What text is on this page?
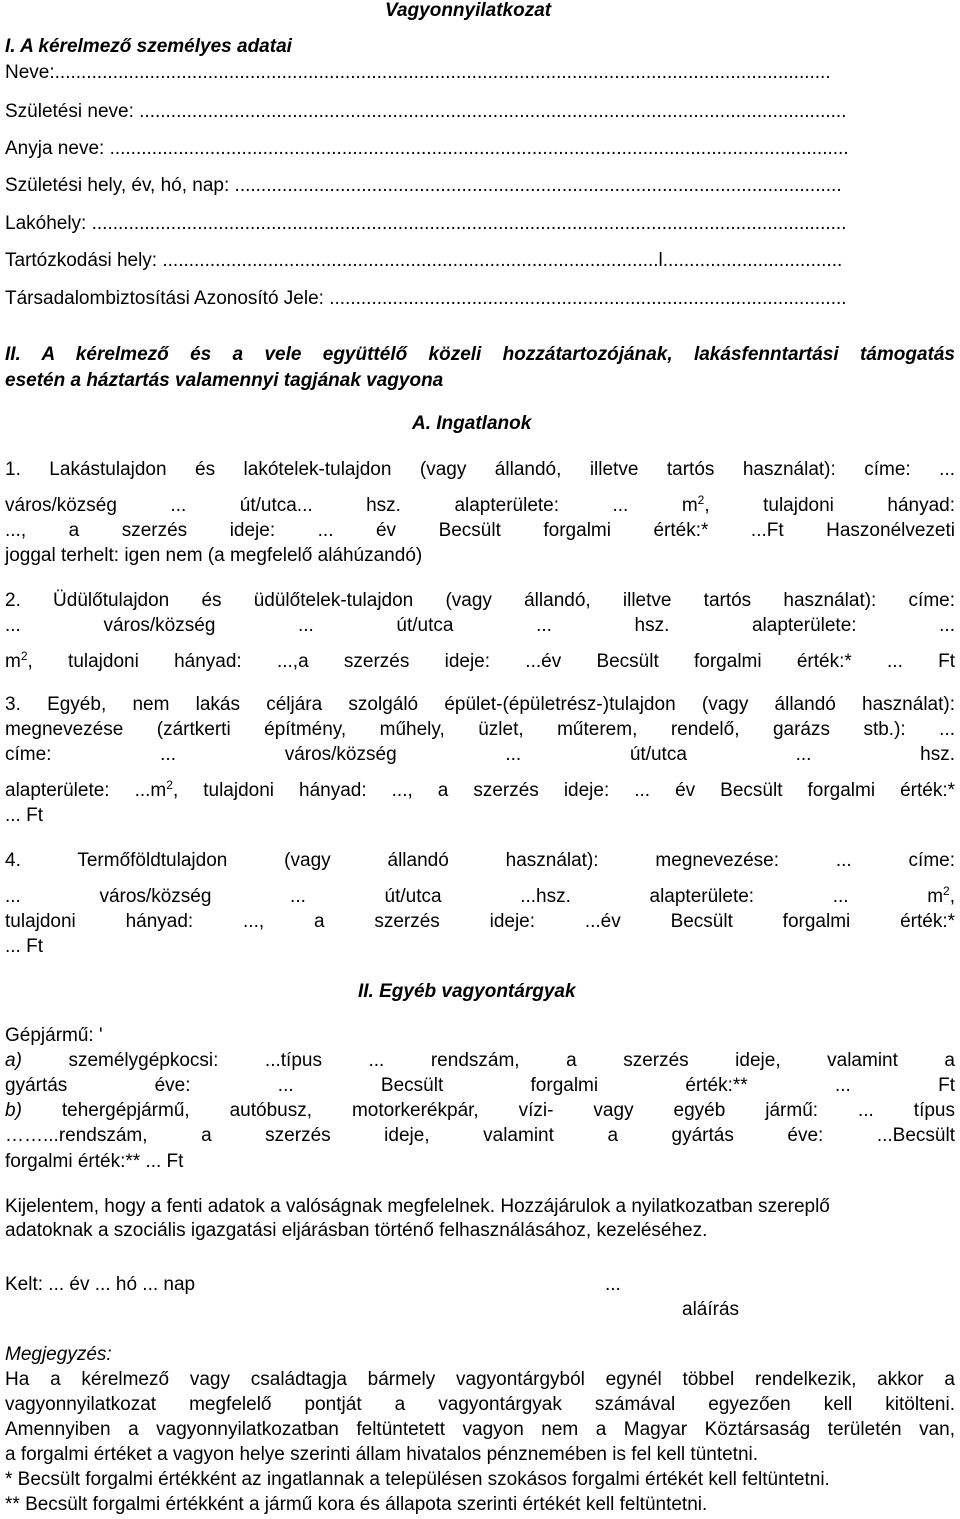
Vagyonnyilatkozat
I. A kérelmező személyes adatai
Neve:...................................................................................................................................................
Születési neve: ......................................................................................................................................
Anyja neve: ............................................................................................................................................
Születési hely, év, hó, nap: ...................................................................................................................
Lakóhely: ...............................................................................................................................................
Tartózkodási hely: ..............................................................................................l..................................
Társadalombiztosítási Azonosító Jele: ..................................................................................................
II. A kérelmező és a vele együttélő közeli hozzátartozójának, lakásfenntartási támogatás
esetén a háztartás valamennyi tagjának vagyona
A. Ingatlanok
1. Lakástulajdon és lakótelek-tulajdon (vagy állandó, illetve tartós használat): címe: ...
város/község ... út/utca... hsz. alapterülete: ... $m^2$, tulajdoni hányad:
..., a szerzés ideje: ... év Becsült forgalmi érték:* ...Ft Haszonélvezeti
joggal terhelt: igen nem (a megfelelő aláhúzandó)
2. Üdülőtulajdon és üdülőtelek-tulajdon (vagy állandó, illetve tartós használat): címe:
... város/község ... út/utca ... hsz. alapterülete: ...
$m^2$, tulajdoni hányad: ...,a szerzés ideje: ...év Becsült forgalmi érték:* ... Ft
3. Egyéb, nem lakás céljára szolgáló épület-(épületrész-)tulajdon (vagy állandó használat):
megnevezése (zártkerti építmény, műhely, üzlet, műterem, rendelő, garázs stb.): ...
címe: ... város/község ... út/utca ... hsz.
alapterülete: $...m^2$, tulajdoni hányad: ..., a szerzés ideje: ... év Becsült forgalmi érték:*
... Ft
4. Termőföldtulajdon (vagy állandó használat): megnevezése: ... címe:
... város/község ... út/utca ...hsz. alapterülete: ... $m^2$,
tulajdoni hányad: ..., a szerzés ideje: ...év Becsült forgalmi érték:*
... Ft
II. Egyéb vagyontárgyak
Gépjármű: '
a) személygépkocsi: ...típus ... rendszám, a szerzés ideje, valamint a
gyártás éve: ... Becsült forgalmi érték:** ... Ft
b) tehergépjármű, autóbusz, motorkerékpár, vízi- vagy egyéb jármű: ... típus
……...rendszám, a szerzés ideje, valamint a gyártás éve: ...Becsült
forgalmi érték:** ... Ft
Kijelentem, hogy a fenti adatok a valóságnak megfelelnek. Hozzájárulok a nyilatkozatban szereplő
adatoknak a szociális igazgatási eljárásban történő felhasználásához, kezeléséhez.
Kelt: ... év ... hó ... nap	...
aláírás
Megjegyzés:
Ha a kérelmező vagy családtagja bármely vagyontárgyból egynél többel rendelkezik, akkor a
vagyonnyilatkozat megfelelő pontját a vagyontárgyak számával egyezően kell kitölteni.
Amennyiben a vagyonnyilatkozatban feltüntetett vagyon nem a Magyar Köztársaság területén van,
a forgalmi értéket a vagyon helye szerinti állam hivatalos pénznemében is fel kell tüntetni.
* Becsült forgalmi értékként az ingatlannak a településen szokásos forgalmi értékét kell feltüntetni.
** Becsült forgalmi értékként a jármű kora és állapota szerinti értékét kell feltüntetni.
